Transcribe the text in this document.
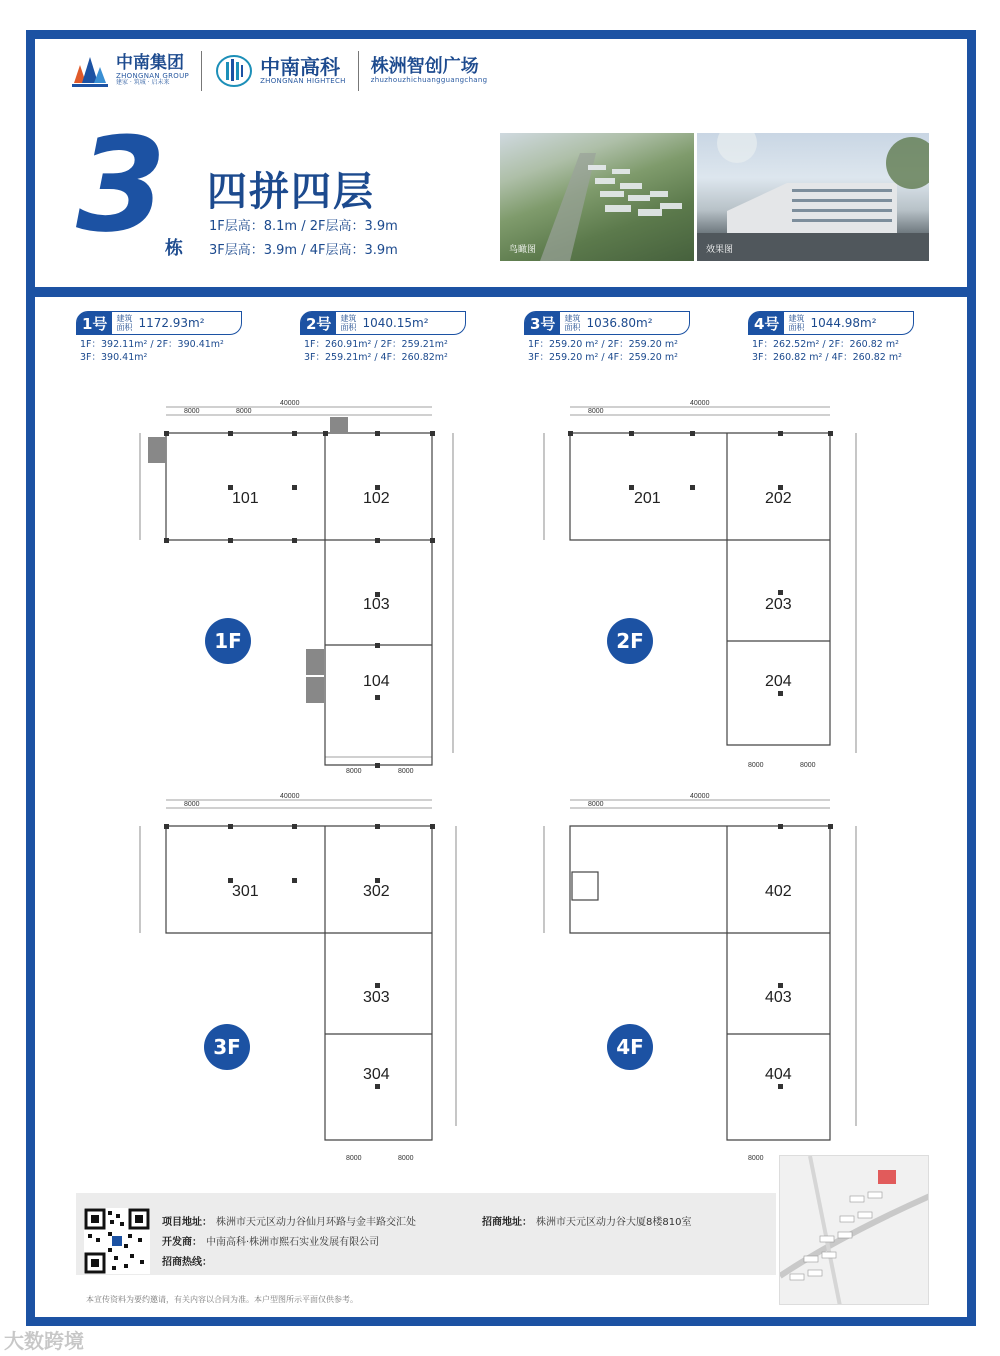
中南集团
ZHONGNAN GROUP
建家 · 筑城 · 启未来
中南高科
ZHONGNAN HIGHTECH
株洲智创广场
zhuzhouzhichuangguangchang
3
栋
四拼四层
1F层高：8.1m / 2F层高：3.9m
3F层高：3.9m / 4F层高：3.9m	鸟瞰图	效果图
1号	建筑面积 1172.93m²
1F：392.11m² / 2F：390.41m²
3F：390.41m²
2号	建筑面积 1040.15m²
1F：260.91m² / 2F：259.21m²
3F：259.21m² / 4F：260.82m²
3号	建筑面积 1036.80m²
1F：259.20 m² / 2F：259.20 m²
3F：259.20 m² / 4F：259.20 m²
4号	建筑面积 1044.98m²
1F：262.52m² / 2F：260.82 m²
3F：260.82 m² / 4F：260.82 m²
101	102
103
104
40000
8000	8000
8000	8000
1F
201	202
203
204
40000
8000
8000	8000
2F
301	302
303
304
40000
8000
8000	8000
3F
402
403
404
40000
8000
8000
4F
项目地址： 株洲市天元区动力谷仙月环路与金丰路交汇处
开发商： 中南高科·株洲市熙石实业发展有限公司
招商热线：
招商地址： 株洲市天元区动力谷大厦8楼810室
本宣传资料为要约邀请，有关内容以合同为准。本户型图所示平面仅供参考。
大数跨境
